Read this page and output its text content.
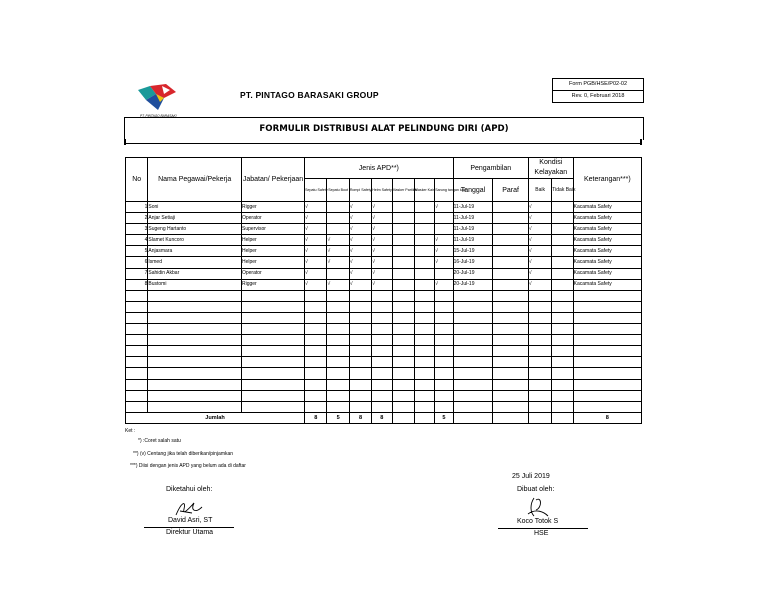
PT. PINTAGO BARASAKI
PT. PINTAGO BARASAKI GROUP
Form PGB/HSE/P02-02
Rev. 0, Februari 2018
FORMULIR DISTRIBUSI ALAT PELINDUNG DIRI (APD)
No	Nama Pegawai/Pekerja	Jabatan/ Pekerjaan	Jenis APD**)							Pengambilan		Kondisi Kelayakan		Keterangan***)
			Sepatu Safety	Sepatu Boot	Rompi Safety	Helm Safety	Masker Partikel	Masker Kain	Sarung tangan kain	Tanggal	Paraf	Baik	Tidak Baik	
1	Soni	Rigger	√		√	√			√	11-Jul-19		√		Kacamata Safety
2	Anjar Setiaji	Operator	√		√	√				11-Jul-19		√		Kacamata Safety
3	Sugeng Hartanto	Supervisor	√		√	√				11-Jul-19		√		Kacamata Safety
4	Slamet Kuncoro	Helper	√	√	√	√			√	11-Jul-19		√		Kacamata Safety
5	Anjasmara	Helper	√	√	√	√			√	15-Jul-19		√		Kacamata Safety
6	Ismed	Helper	√	√	√	√			√	16-Jul-19		√		Kacamata Safety
7	Sahidin Akbar	Operator	√		√	√				20-Jul-19		√		Kacamata Safety
8	Bustomi	Rigger	√	√	√	√			√	20-Jul-19		√		Kacamata Safety

Jumlah			8	5	8	8			5					8
Ket :
*) :Coret salah satu
**) (v) Centang jika telah diberikan/pinjamkan
***) Diisi dengan jenis APD yang belum ada di daftar
25 Juli 2019
Diketahui oleh:	Dibuat oleh:
David Asri, ST
Direktur Utama
Koco Totok S
HSE
